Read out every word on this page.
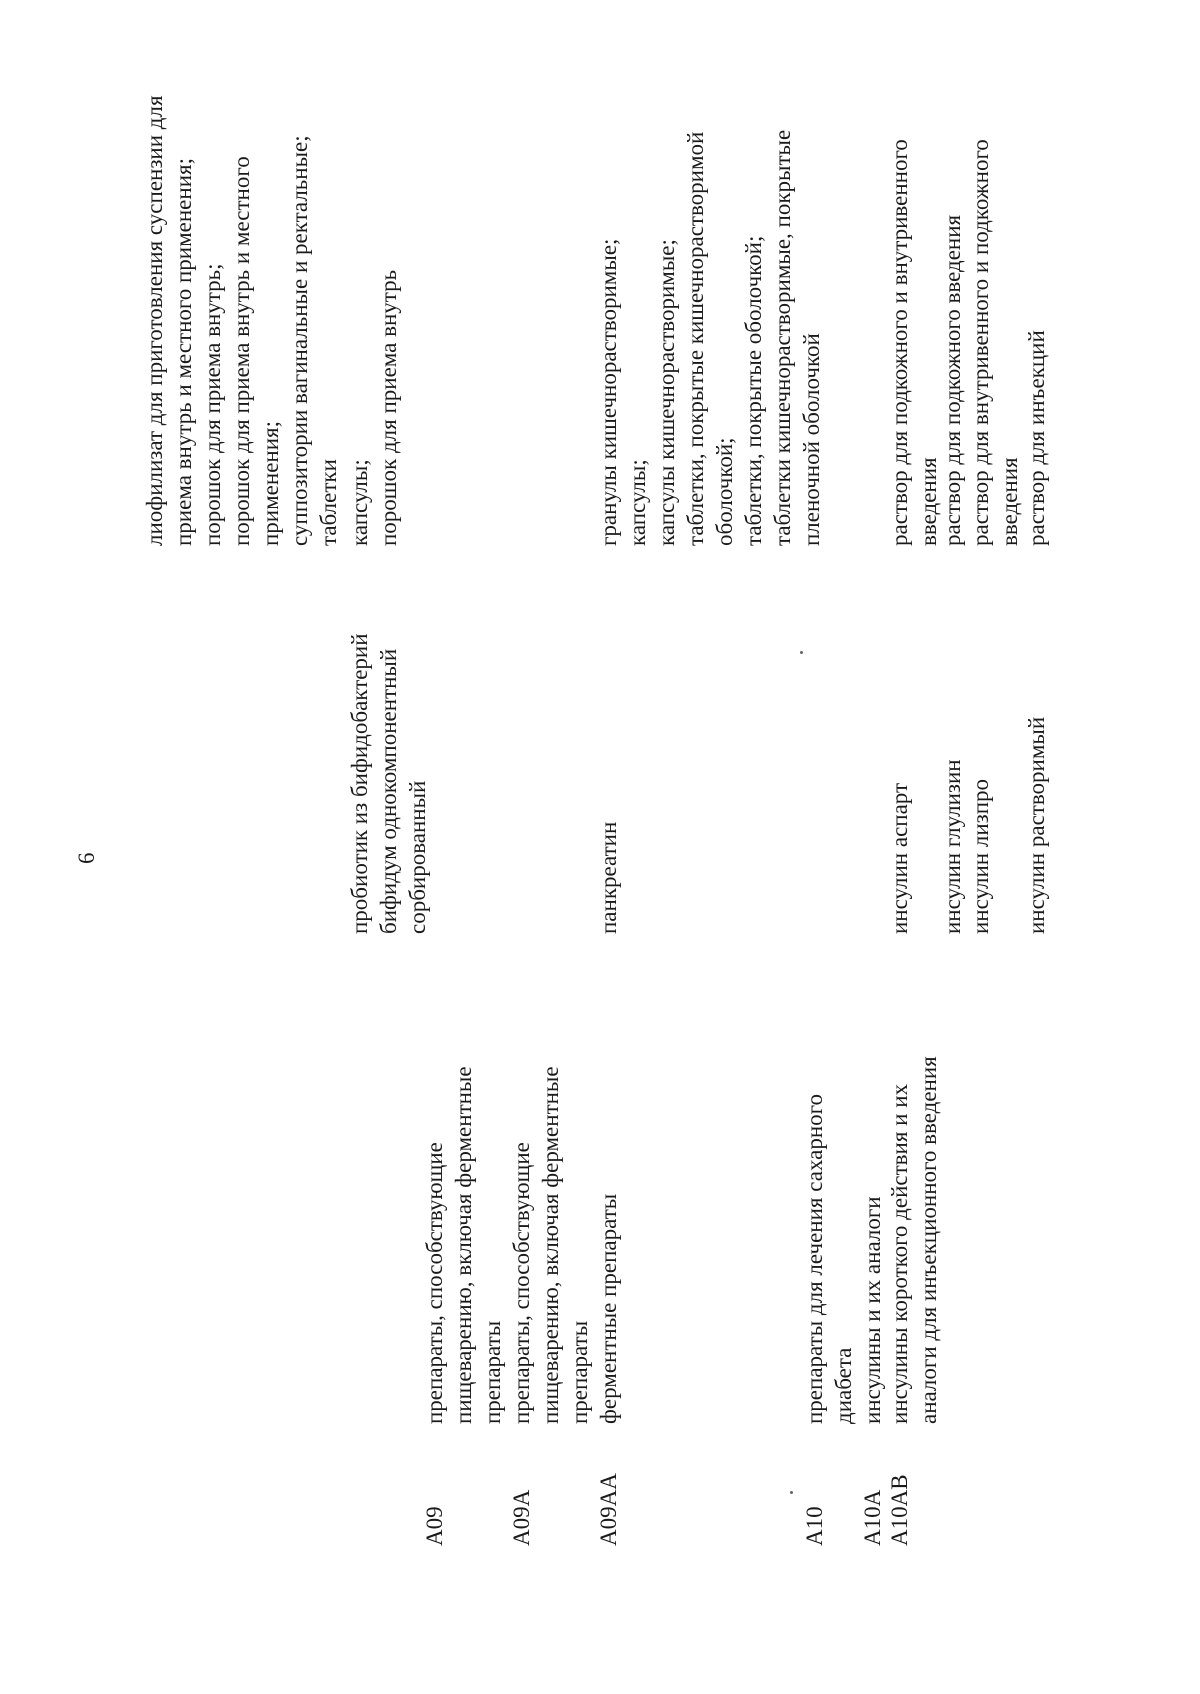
6
лиофилизат для приготовления суспензии для
приема внутрь и местного применения;
порошок для приема внутрь;
порошок для приема внутрь и местного
применения;
суппозитории вагинальные и ректальные;
таблетки
пробиотик из бифидобактерий
бифидум однокомпонентный
сорбированный
капсулы;
порошок для приема внутрь
A09
препараты, способствующие
пищеварению, включая ферментные
препараты
A09A
препараты, способствующие
пищеварению, включая ферментные
препараты
A09AA
ферментные препараты
панкреатин
гранулы кишечнорастворимые;
капсулы;
капсулы кишечнорастворимые;
таблетки, покрытые кишечнорастворимой
оболочкой;
таблетки, покрытые оболочкой;
таблетки кишечнорастворимые, покрытые
пленочной оболочкой
A10
препараты для лечения сахарного
диабета
A10A
инсулины и их аналоги
A10AB
инсулины короткого действия и их
аналоги для инъекционного введения
инсулин аспарт
раствор для подкожного и внутривенного
введения
инсулин глулизин
раствор для подкожного введения
инсулин лизпро
раствор для внутривенного и подкожного
введения
инсулин растворимый
раствор для инъекций
